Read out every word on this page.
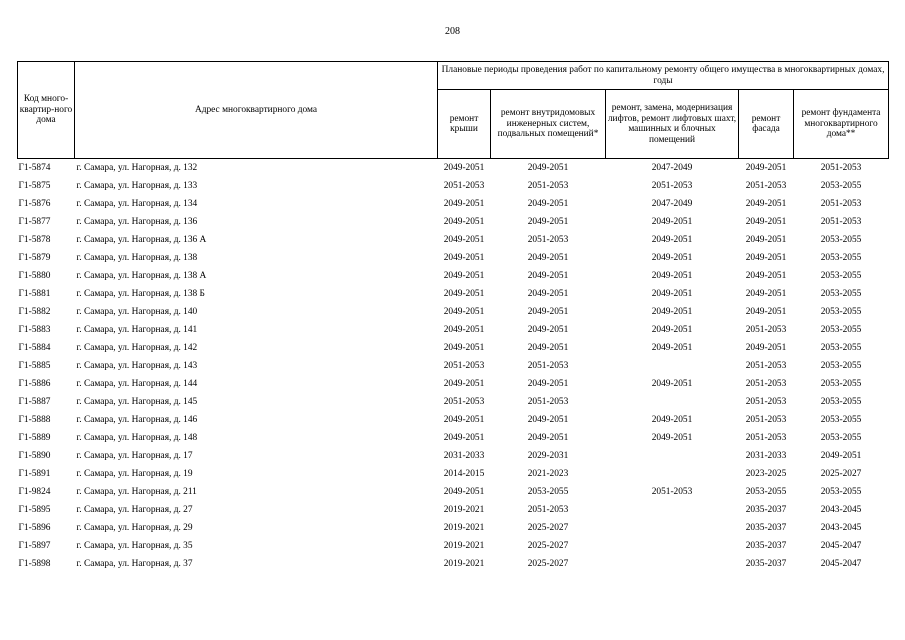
208
Код много-квартир-ного дома	Адрес многоквартирного дома	Плановые периоды проведения работ по капитальному ремонту общего имущества в многоквартирных домах, годы				
		ремонт крыши	ремонт внутридомовых инженерных систем, подвальных помещений*	ремонт, замена, модернизация лифтов, ремонт лифтовых шахт, машинных и блочных помещений	ремонт фасада	ремонт фундамента многоквартирного дома**
Г1-5874	г. Самара, ул. Нагорная, д. 132	2049-2051	2049-2051	2047-2049	2049-2051	2051-2053
Г1-5875	г. Самара, ул. Нагорная, д. 133	2051-2053	2051-2053	2051-2053	2051-2053	2053-2055
Г1-5876	г. Самара, ул. Нагорная, д. 134	2049-2051	2049-2051	2047-2049	2049-2051	2051-2053
Г1-5877	г. Самара, ул. Нагорная, д. 136	2049-2051	2049-2051	2049-2051	2049-2051	2051-2053
Г1-5878	г. Самара, ул. Нагорная, д. 136 А	2049-2051	2051-2053	2049-2051	2049-2051	2053-2055
Г1-5879	г. Самара, ул. Нагорная, д. 138	2049-2051	2049-2051	2049-2051	2049-2051	2053-2055
Г1-5880	г. Самара, ул. Нагорная, д. 138 А	2049-2051	2049-2051	2049-2051	2049-2051	2053-2055
Г1-5881	г. Самара, ул. Нагорная, д. 138 Б	2049-2051	2049-2051	2049-2051	2049-2051	2053-2055
Г1-5882	г. Самара, ул. Нагорная, д. 140	2049-2051	2049-2051	2049-2051	2049-2051	2053-2055
Г1-5883	г. Самара, ул. Нагорная, д. 141	2049-2051	2049-2051	2049-2051	2051-2053	2053-2055
Г1-5884	г. Самара, ул. Нагорная, д. 142	2049-2051	2049-2051	2049-2051	2049-2051	2053-2055
Г1-5885	г. Самара, ул. Нагорная, д. 143	2051-2053	2051-2053		2051-2053	2053-2055
Г1-5886	г. Самара, ул. Нагорная, д. 144	2049-2051	2049-2051	2049-2051	2051-2053	2053-2055
Г1-5887	г. Самара, ул. Нагорная, д. 145	2051-2053	2051-2053		2051-2053	2053-2055
Г1-5888	г. Самара, ул. Нагорная, д. 146	2049-2051	2049-2051	2049-2051	2051-2053	2053-2055
Г1-5889	г. Самара, ул. Нагорная, д. 148	2049-2051	2049-2051	2049-2051	2051-2053	2053-2055
Г1-5890	г. Самара, ул. Нагорная, д. 17	2031-2033	2029-2031		2031-2033	2049-2051
Г1-5891	г. Самара, ул. Нагорная, д. 19	2014-2015	2021-2023		2023-2025	2025-2027
Г1-9824	г. Самара, ул. Нагорная, д. 211	2049-2051	2053-2055	2051-2053	2053-2055	2053-2055
Г1-5895	г. Самара, ул. Нагорная, д. 27	2019-2021	2051-2053		2035-2037	2043-2045
Г1-5896	г. Самара, ул. Нагорная, д. 29	2019-2021	2025-2027		2035-2037	2043-2045
Г1-5897	г. Самара, ул. Нагорная, д. 35	2019-2021	2025-2027		2035-2037	2045-2047
Г1-5898	г. Самара, ул. Нагорная, д. 37	2019-2021	2025-2027		2035-2037	2045-2047
